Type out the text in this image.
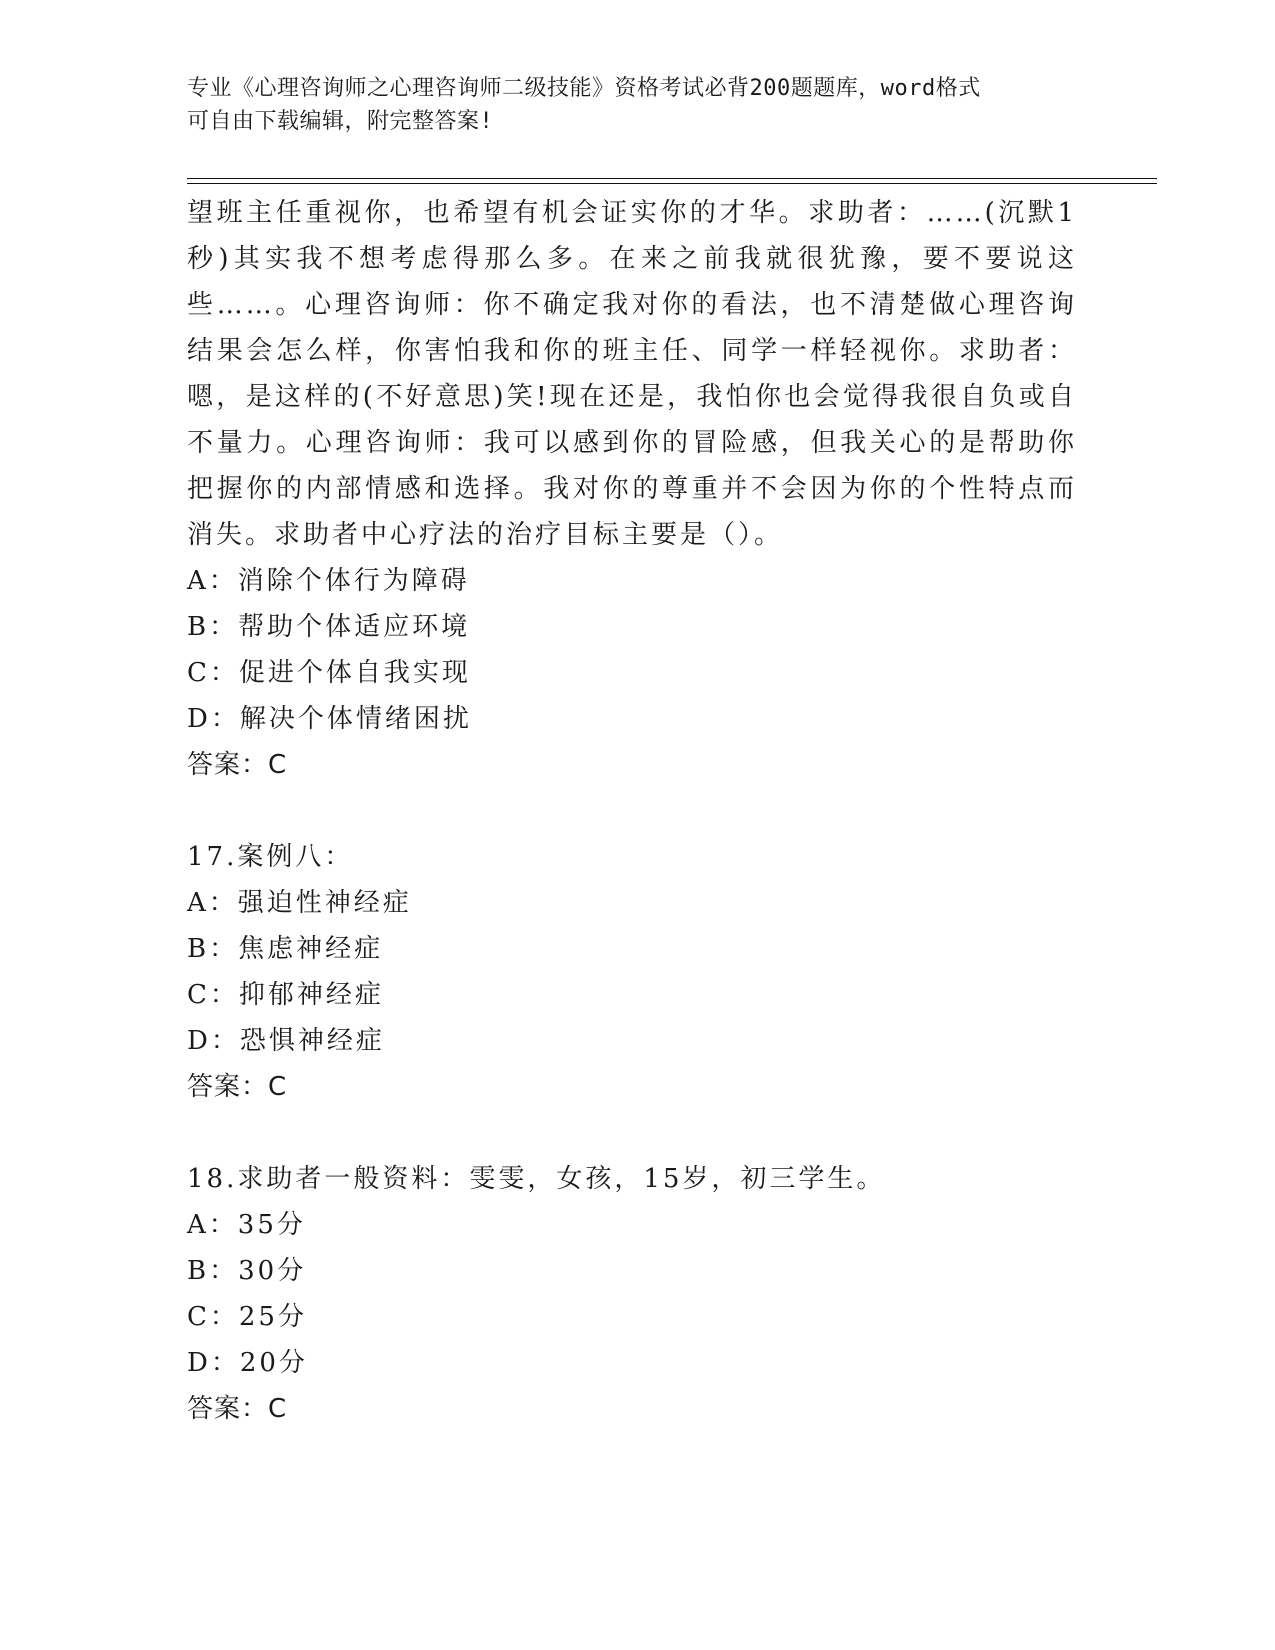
专业《心理咨询师之心理咨询师二级技能》资格考试必背200题题库，word格式
可自由下载编辑，附完整答案!

望班主任重视你，也希望有机会证实你的才华。求助者：……(沉默1秒)其实我不想考虑得那么多。在来之前我就很犹豫，要不要说这些……。心理咨询师：你不确定我对你的看法，也不清楚做心理咨询结果会怎么样，你害怕我和你的班主任、同学一样轻视你。求助者：嗯，是这样的(不好意思)笑!现在还是，我怕你也会觉得我很自负或自不量力。心理咨询师：我可以感到你的冒险感，但我关心的是帮助你把握你的内部情感和选择。我对你的尊重并不会因为你的个性特点而消失。求助者中心疗法的治疗目标主要是（）。

A：消除个体行为障碍

B：帮助个体适应环境

C：促进个体自我实现

D：解决个体情绪困扰

答案：C

17.案例八：

A：强迫性神经症

B：焦虑神经症

C：抑郁神经症

D：恐惧神经症

答案：C

18.求助者一般资料：雯雯，女孩，15岁，初三学生。

A：35分

B：30分

C：25分

D：20分

答案：C
